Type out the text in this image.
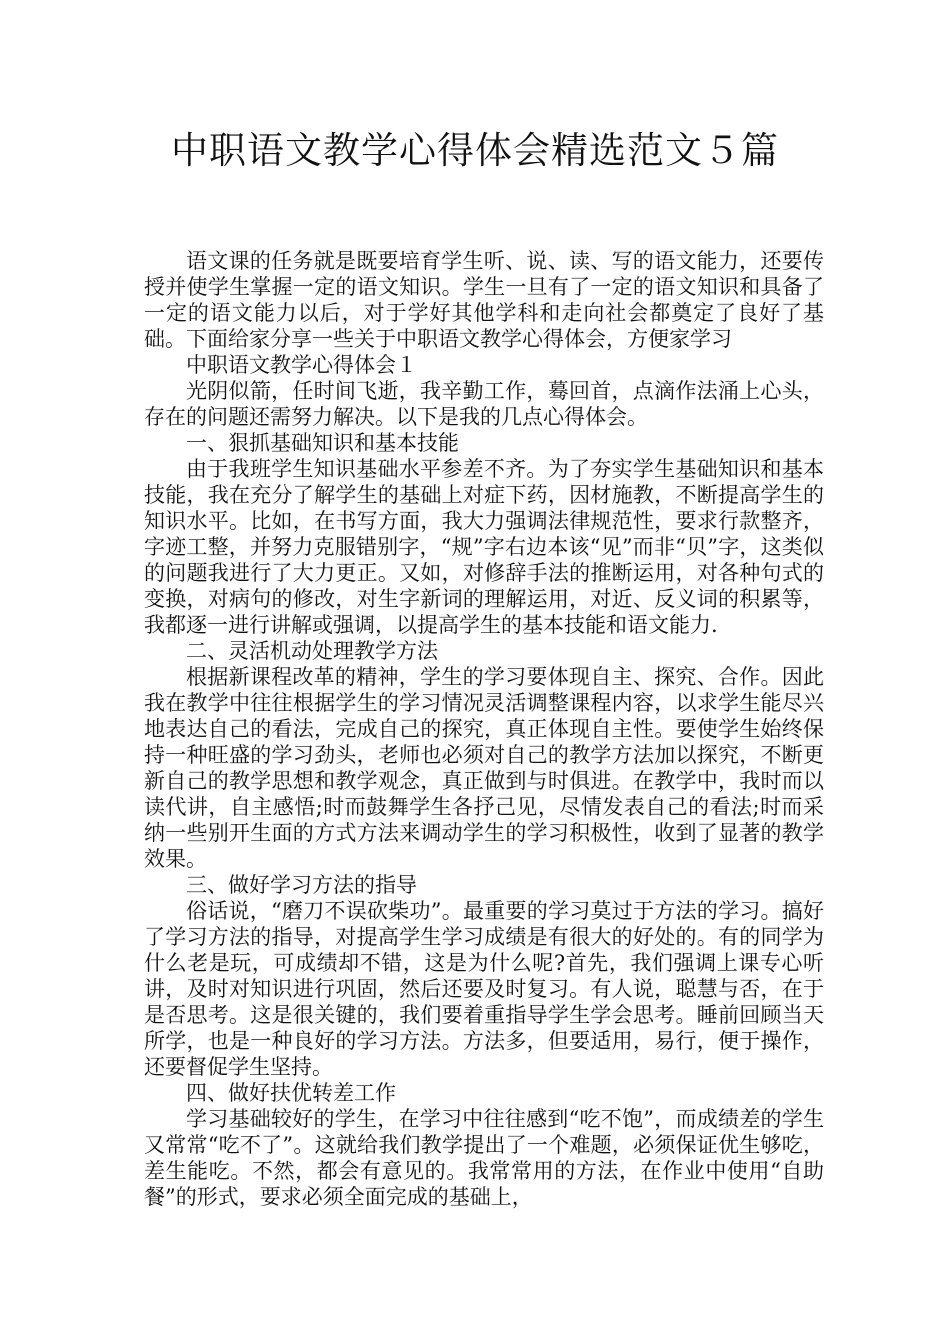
中职语文教学心得体会精选范文５篇

语文课的任务就是既要培育学生听、说、读、写的语文能力，还要传授并使学生掌握一定的语文知识。学生一旦有了一定的语文知识和具备了一定的语文能力以后，对于学好其他学科和走向社会都奠定了良好了基础。下面给家分享一些关于中职语文教学心得体会，方便家学习

中职语文教学心得体会１

光阴似箭，任时间飞逝，我辛勤工作，蓦回首，点滴作法涌上心头，存在的问题还需努力解决。以下是我的几点心得体会。

一、狠抓基础知识和基本技能

由于我班学生知识基础水平参差不齐。为了夯实学生基础知识和基本技能，我在充分了解学生的基础上对症下药，因材施教，不断提高学生的知识水平。比如，在书写方面，我大力强调法律规范性，要求行款整齐，字迹工整，并努力克服错别字，“规”字右边本该“见”而非“贝”字，这类似的问题我进行了大力更正。又如，对修辞手法的推断运用，对各种句式的变换，对病句的修改，对生字新词的理解运用，对近、反义词的积累等，我都逐一进行讲解或强调，以提高学生的基本技能和语文能力.

二、灵活机动处理教学方法

根据新课程改革的精神，学生的学习要体现自主、探究、合作。因此我在教学中往往根据学生的学习情况灵活调整课程内容，以求学生能尽兴地表达自己的看法，完成自己的探究，真正体现自主性。要使学生始终保持一种旺盛的学习劲头，老师也必须对自己的教学方法加以探究，不断更新自己的教学思想和教学观念，真正做到与时俱进。在教学中，我时而以读代讲，自主感悟;时而鼓舞学生各抒己见，尽情发表自己的看法;时而采纳一些别开生面的方式方法来调动学生的学习积极性，收到了显著的教学效果。

三、做好学习方法的指导

俗话说，“磨刀不误砍柴功”。最重要的学习莫过于方法的学习。搞好了学习方法的指导，对提高学生学习成绩是有很大的好处的。有的同学为什么老是玩，可成绩却不错，这是为什么呢?首先，我们强调上课专心听讲，及时对知识进行巩固，然后还要及时复习。有人说，聪慧与否，在于是否思考。这是很关键的，我们要着重指导学生学会思考。睡前回顾当天所学，也是一种良好的学习方法。方法多，但要适用，易行，便于操作，还要督促学生坚持。

四、做好扶优转差工作

学习基础较好的学生，在学习中往往感到“吃不饱”，而成绩差的学生又常常“吃不了”。这就给我们教学提出了一个难题，必须保证优生够吃，差生能吃。不然，都会有意见的。我常常用的方法，在作业中使用“自助餐”的形式，要求必须全面完成的基础上，
